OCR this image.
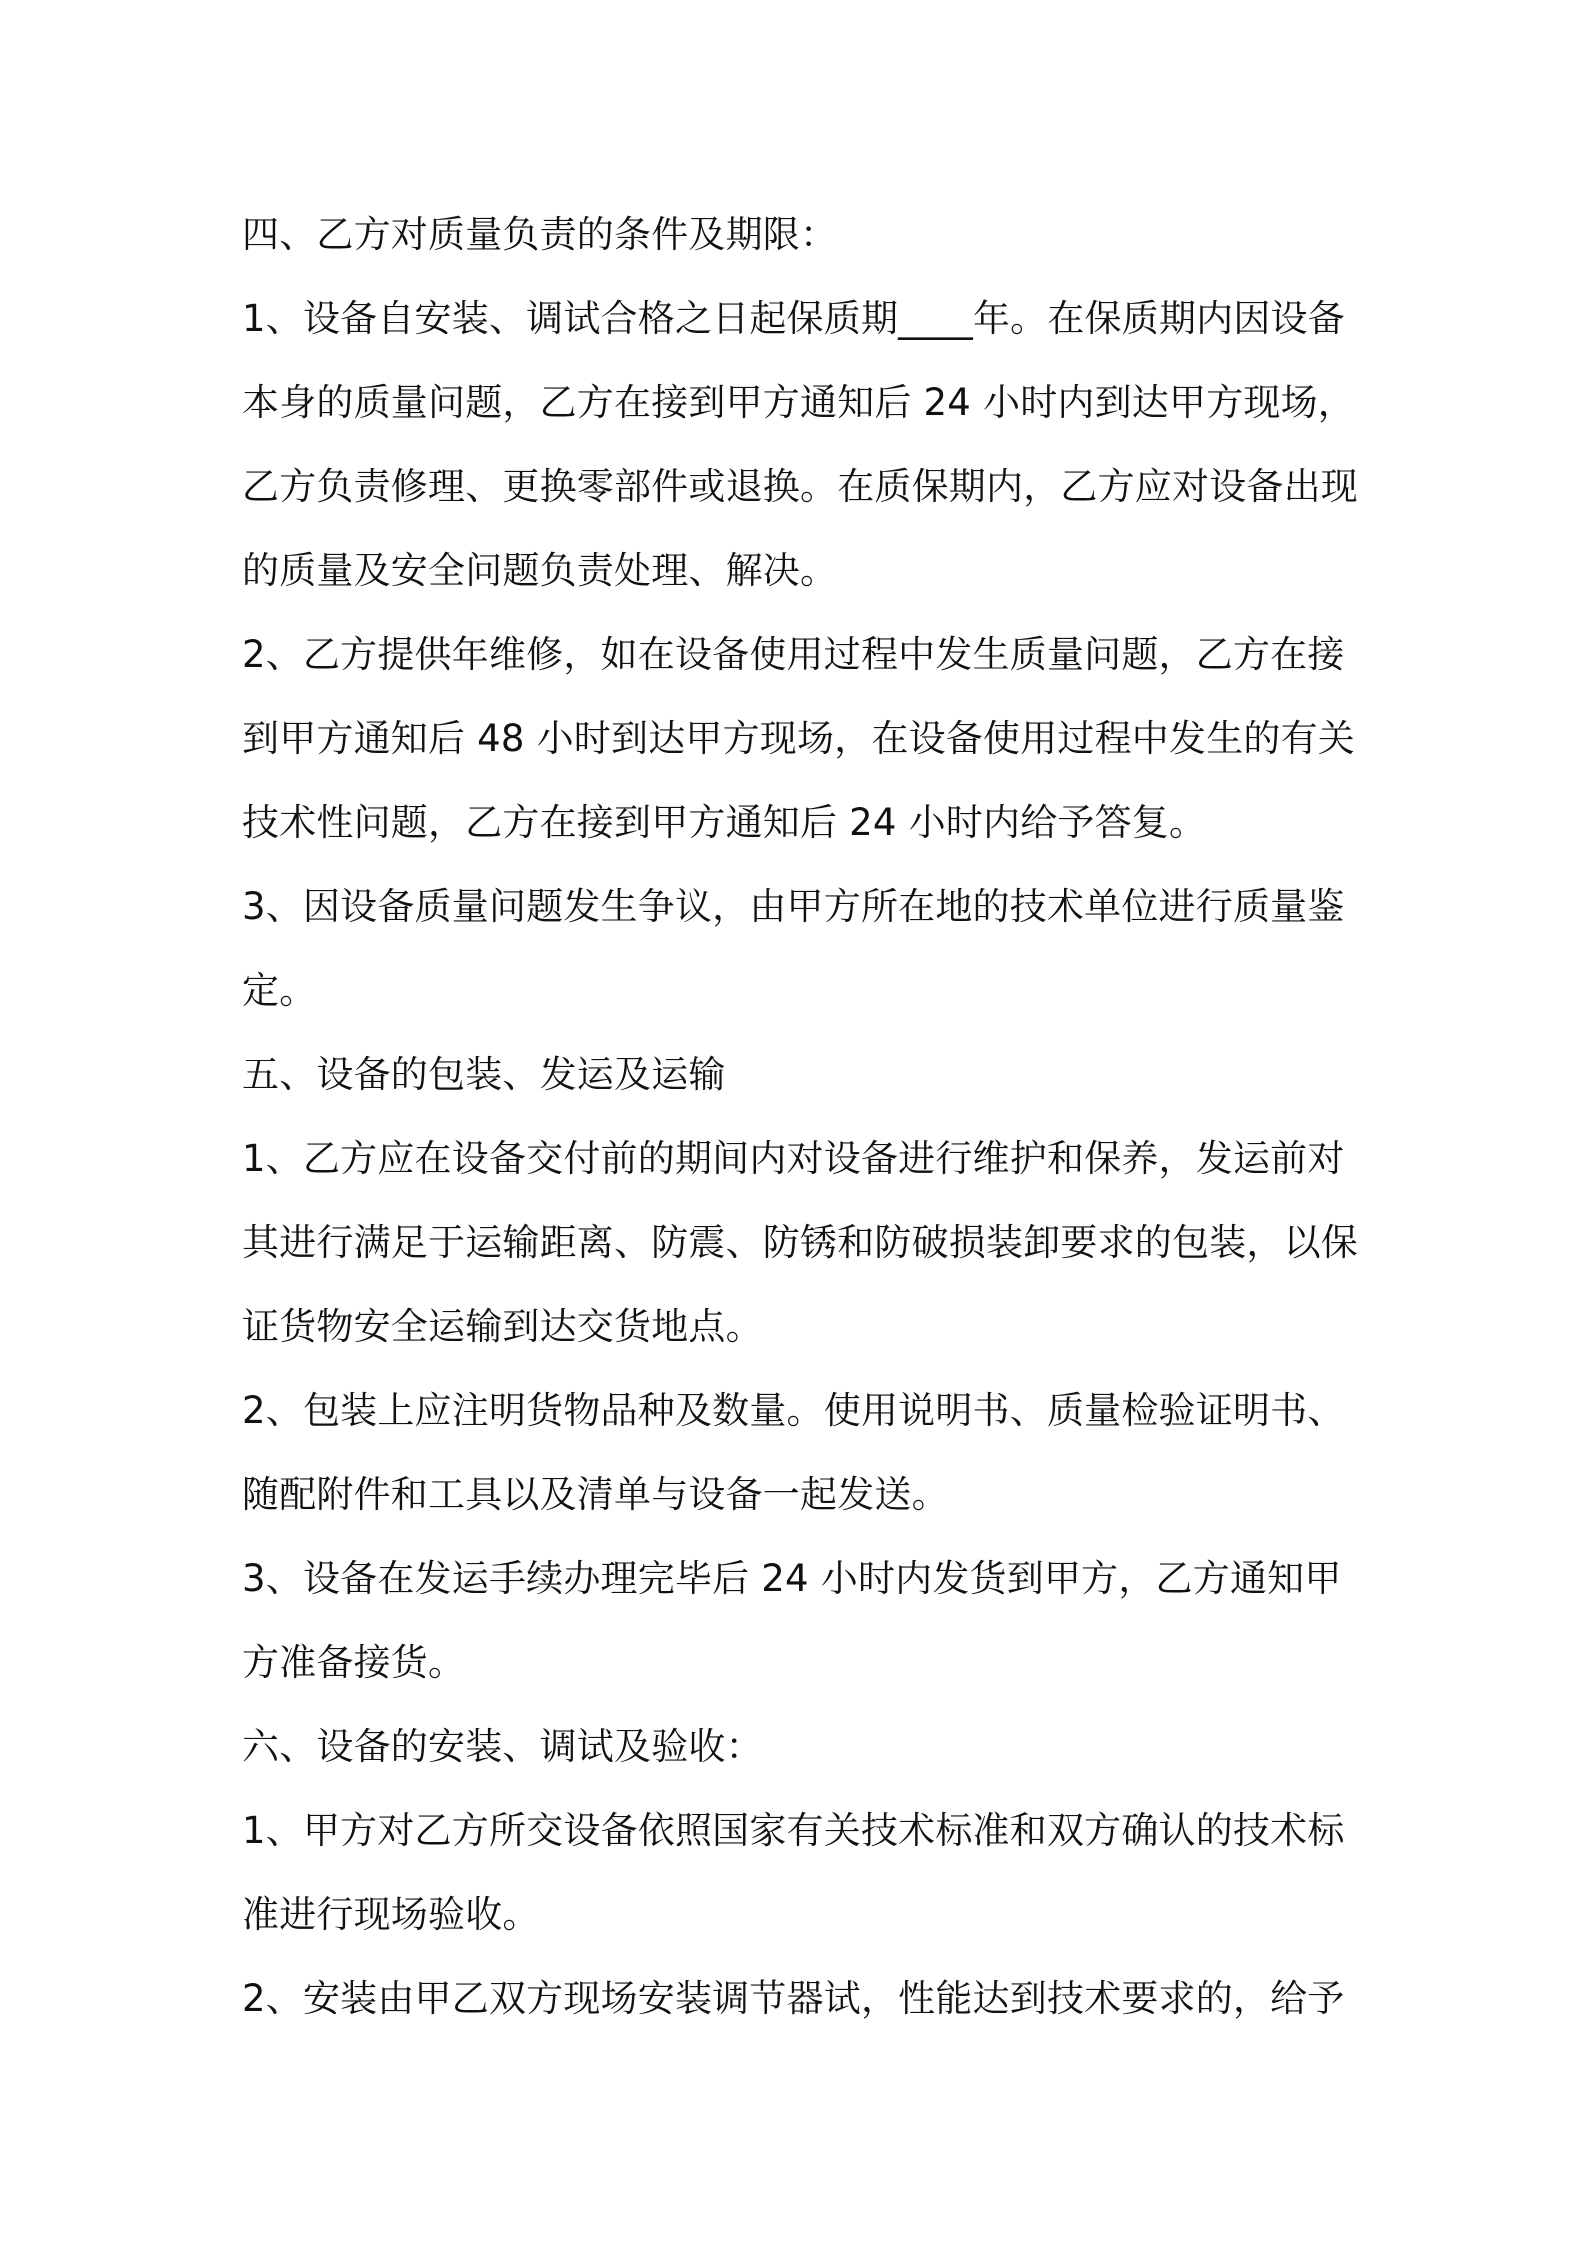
四、乙方对质量负责的条件及期限：
1、设备自安装、调试合格之日起保质期____年。在保质期内因设备
本身的质量问题，乙方在接到甲方通知后 24 小时内到达甲方现场，
乙方负责修理、更换零部件或退换。在质保期内，乙方应对设备出现
的质量及安全问题负责处理、解决。
2、乙方提供年维修，如在设备使用过程中发生质量问题，乙方在接
到甲方通知后 48 小时到达甲方现场，在设备使用过程中发生的有关
技术性问题，乙方在接到甲方通知后 24 小时内给予答复。
3、因设备质量问题发生争议，由甲方所在地的技术单位进行质量鉴
定。
五、设备的包装、发运及运输
1、乙方应在设备交付前的期间内对设备进行维护和保养，发运前对
其进行满足于运输距离、防震、防锈和防破损装卸要求的包装，以保
证货物安全运输到达交货地点。
2、包装上应注明货物品种及数量。使用说明书、质量检验证明书、
随配附件和工具以及清单与设备一起发送。
3、设备在发运手续办理完毕后 24 小时内发货到甲方，乙方通知甲
方准备接货。
六、设备的安装、调试及验收：
1、甲方对乙方所交设备依照国家有关技术标准和双方确认的技术标
准进行现场验收。
2、安装由甲乙双方现场安装调节器试，性能达到技术要求的，给予
